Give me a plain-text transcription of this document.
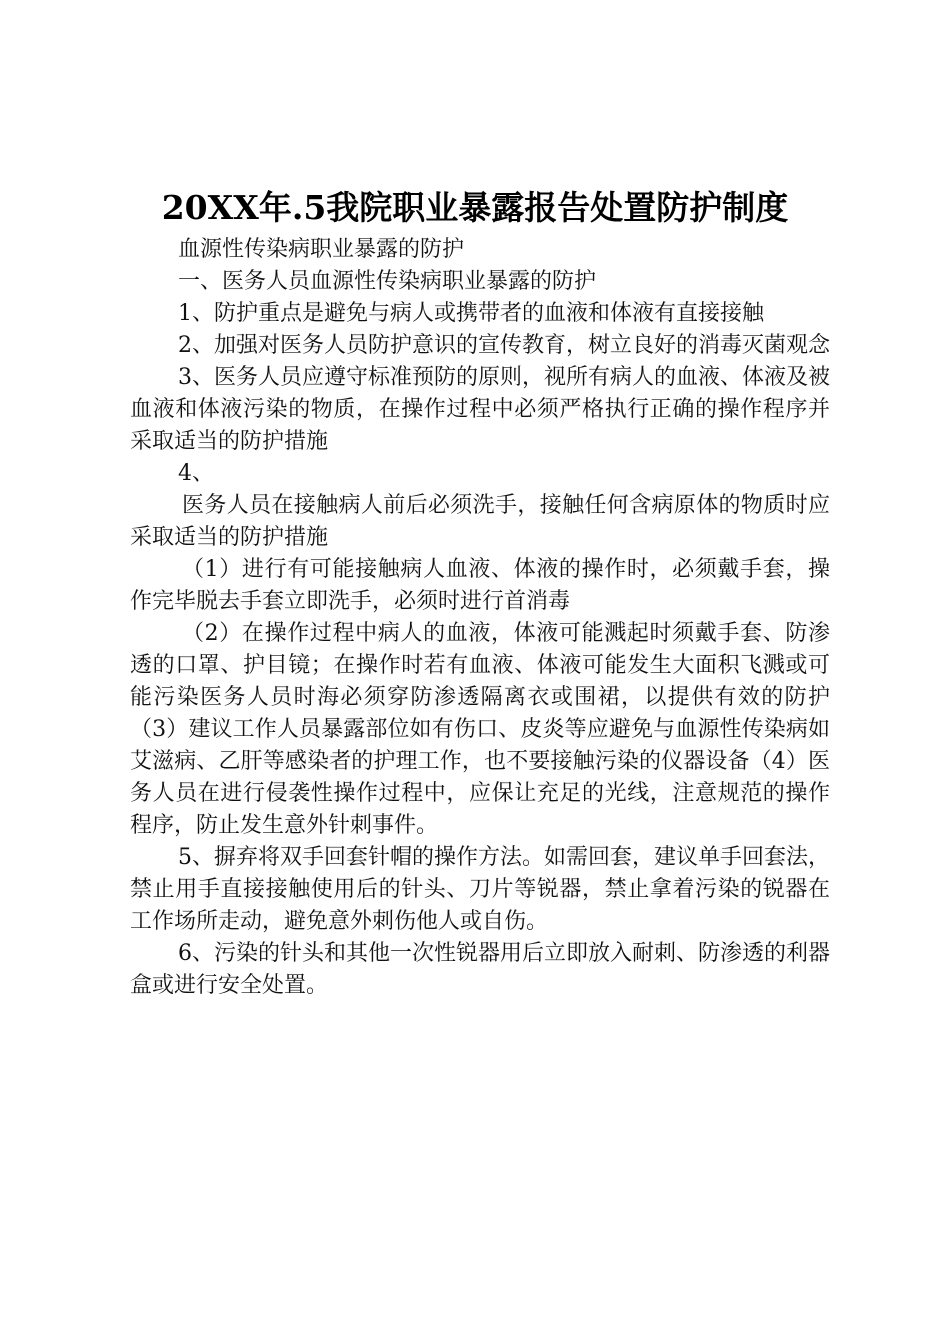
20XX年.5我院职业暴露报告处置防护制度

血源性传染病职业暴露的防护

一、医务人员血源性传染病职业暴露的防护

1、防护重点是避免与病人或携带者的血液和体液有直接接触

2、加强对医务人员防护意识的宣传教育，树立良好的消毒灭菌观念

3、医务人员应遵守标准预防的原则，视所有病人的血液、体液及被血液和体液污染的物质，在操作过程中必须严格执行正确的操作程序并采取适当的防护措施

4、

医务人员在接触病人前后必须洗手，接触任何含病原体的物质时应采取适当的防护措施

（1）进行有可能接触病人血液、体液的操作时，必须戴手套，操作完毕脱去手套立即洗手，必须时进行首消毒

（2）在操作过程中病人的血液，体液可能溅起时须戴手套、防渗透的口罩、护目镜；在操作时若有血液、体液可能发生大面积飞溅或可能污染医务人员时海必须穿防渗透隔离衣或围裙，以提供有效的防护（3）建议工作人员暴露部位如有伤口、皮炎等应避免与血源性传染病如艾滋病、乙肝等感染者的护理工作，也不要接触污染的仪器设备（4）医务人员在进行侵袭性操作过程中，应保让充足的光线，注意规范的操作程序，防止发生意外针刺事件。

5、摒弃将双手回套针帽的操作方法。如需回套，建议单手回套法，禁止用手直接接触使用后的针头、刀片等锐器，禁止拿着污染的锐器在工作场所走动，避免意外刺伤他人或自伤。

6、污染的针头和其他一次性锐器用后立即放入耐刺、防渗透的利器盒或进行安全处置。
